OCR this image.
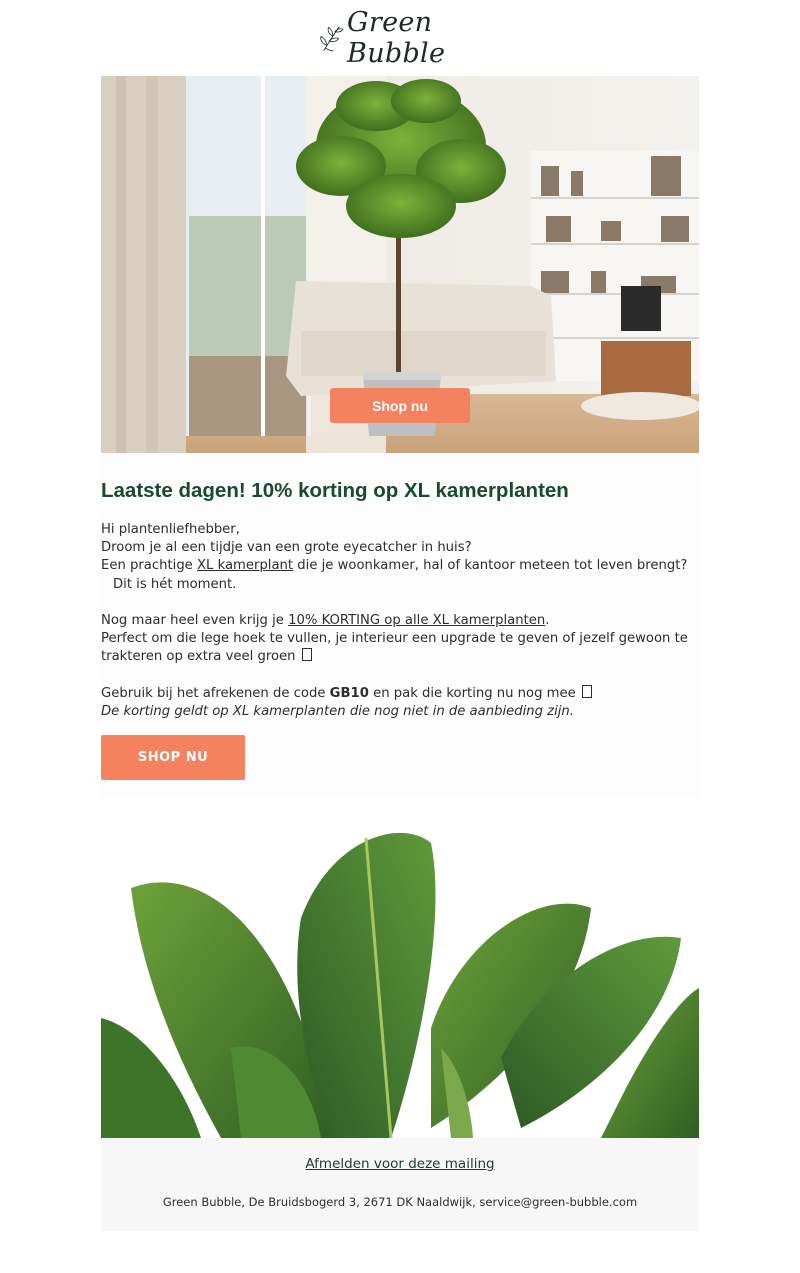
Green Bubble
Shop nu
Laatste dagen! 10% korting op XL kamerplanten
Hi plantenliefhebber,
Droom je al een tijdje van een grote eyecatcher in huis?
Een prachtige XL kamerplant die je woonkamer, hal of kantoor meteen tot leven brengt?
Dit is hét moment.
Nog maar heel even krijg je 10% KORTING op alle XL kamerplanten.
Perfect om die lege hoek te vullen, je interieur een upgrade te geven of jezelf gewoon te trakteren op extra veel groen
Gebruik bij het afrekenen de code GB10 en pak die korting nu nog mee
De korting geldt op XL kamerplanten die nog niet in de aanbieding zijn.
SHOP NU
Afmelden voor deze mailing
Green Bubble, De Bruidsbogerd 3, 2671 DK Naaldwijk, service@green-bubble.com
